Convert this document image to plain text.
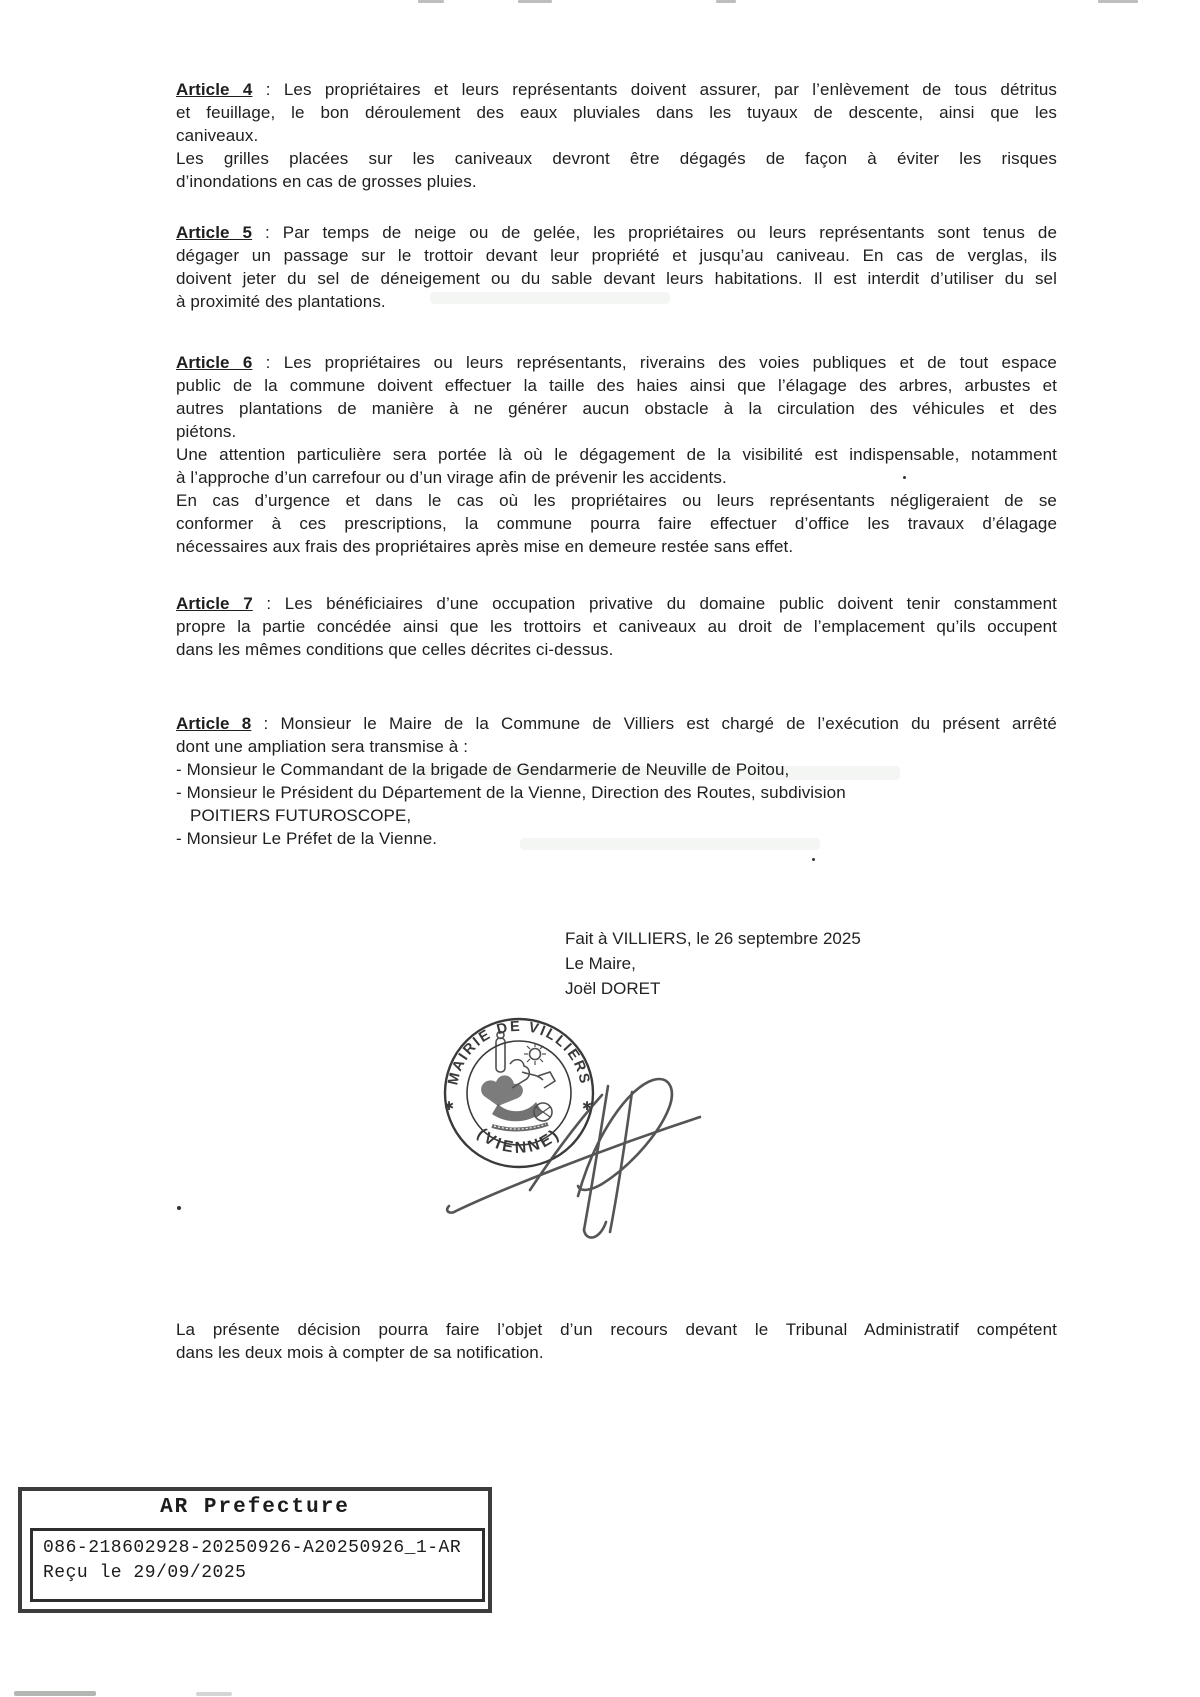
Article 4 : Les propriétaires et leurs représentants doivent assurer, par l’enlèvement de tous détritus
et feuillage, le bon déroulement des eaux pluviales dans les tuyaux de descente, ainsi que les
caniveaux.
Les grilles placées sur les caniveaux devront être dégagés de façon à éviter les risques
d’inondations en cas de grosses pluies.
Article 5 : Par temps de neige ou de gelée, les propriétaires ou leurs représentants sont tenus de
dégager un passage sur le trottoir devant leur propriété et jusqu’au caniveau. En cas de verglas, ils
doivent jeter du sel de déneigement ou du sable devant leurs habitations. Il est interdit d’utiliser du sel
à proximité des plantations.
Article 6 : Les propriétaires ou leurs représentants, riverains des voies publiques et de tout espace
public de la commune doivent effectuer la taille des haies ainsi que l’élagage des arbres, arbustes et
autres plantations de manière à ne générer aucun obstacle à la circulation des véhicules et des
piétons.
Une attention particulière sera portée là où le dégagement de la visibilité est indispensable, notamment
à l’approche d’un carrefour ou d’un virage afin de prévenir les accidents.
En cas d’urgence et dans le cas où les propriétaires ou leurs représentants négligeraient de se
conformer à ces prescriptions, la commune pourra faire effectuer d’office les travaux d’élagage
nécessaires aux frais des propriétaires après mise en demeure restée sans effet.
Article 7 : Les bénéficiaires d’une occupation privative du domaine public doivent tenir constamment
propre la partie concédée ainsi que les trottoirs et caniveaux au droit de l’emplacement qu’ils occupent
dans les mêmes conditions que celles décrites ci-dessus.
Article 8 : Monsieur le Maire de la Commune de Villiers est chargé de l’exécution du présent arrêté
dont une ampliation sera transmise à :
- Monsieur le Commandant de la brigade de Gendarmerie de Neuville de Poitou,
- Monsieur le Président du Département de la Vienne, Direction des Routes, subdivision
POITIERS FUTUROSCOPE,
- Monsieur Le Préfet de la Vienne.
La présente décision pourra faire l’objet d’un recours devant le Tribunal Administratif compétent
dans les deux mois à compter de sa notification.
Fait à VILLIERS, le 26 septembre 2025
Le Maire,
Joël DORET
MAIRIE DE VILLIERS
(VIENNE)
✱	✱
AR Prefecture
086-218602928-20250926-A20250926_1-AR
Reçu le 29/09/2025
